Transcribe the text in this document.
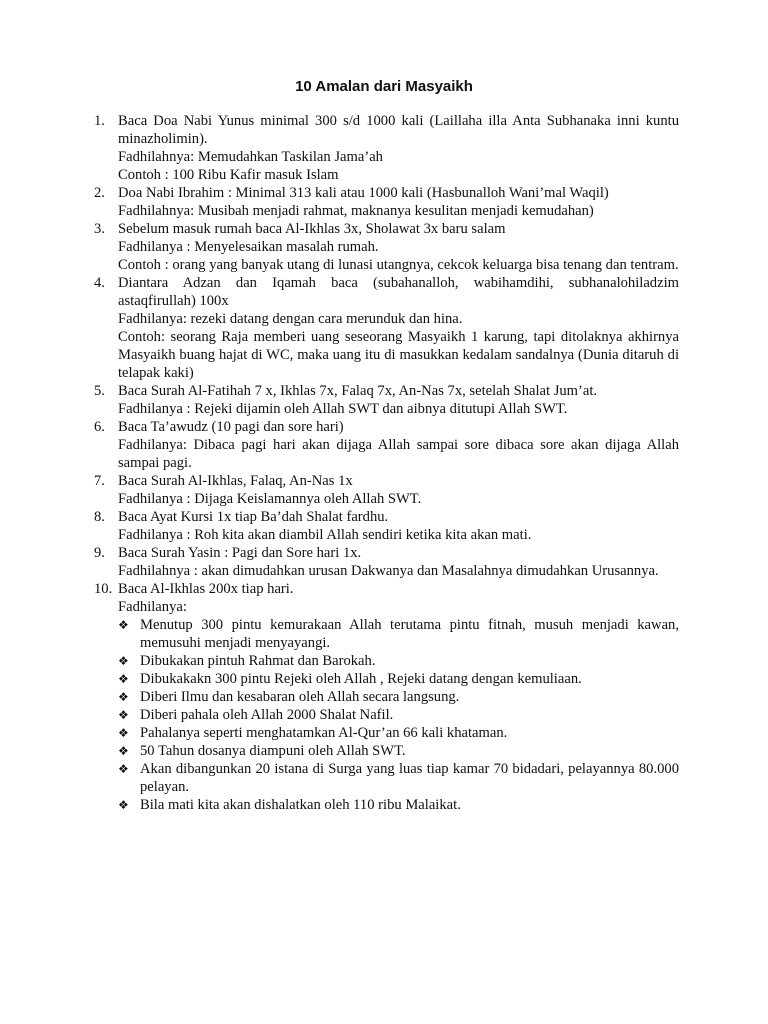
10 Amalan dari Masyaikh
1. Baca Doa Nabi Yunus minimal 300 s/d 1000 kali (Laillaha illa Anta Subhanaka inni kuntu minazholimin).
Fadhilahnya: Memudahkan Taskilan Jama’ah
Contoh : 100 Ribu Kafir masuk Islam
2. Doa Nabi Ibrahim : Minimal 313 kali atau 1000 kali (Hasbunalloh Wani’mal Waqil)
Fadhilahnya: Musibah menjadi rahmat, maknanya kesulitan menjadi kemudahan)
3. Sebelum masuk rumah baca Al-Ikhlas 3x, Sholawat 3x baru salam
Fadhilanya : Menyelesaikan masalah rumah.
Contoh : orang yang banyak utang di lunasi utangnya, cekcok keluarga bisa tenang dan tentram.
4. Diantara Adzan dan Iqamah baca (subahanalloh, wabihamdihi, subhanalohiladzim astaqfirullah) 100x
Fadhilanya: rezeki datang dengan cara merunduk dan hina.
Contoh: seorang Raja memberi uang seseorang Masyaikh 1 karung, tapi ditolaknya akhirnya Masyaikh buang hajat di WC, maka uang itu di masukkan kedalam sandalnya (Dunia ditaruh di telapak kaki)
5. Baca Surah Al-Fatihah 7 x, Ikhlas 7x, Falaq 7x, An-Nas 7x, setelah Shalat Jum’at.
Fadhilanya : Rejeki dijamin oleh Allah SWT dan aibnya ditutupi Allah SWT.
6. Baca Ta’awudz (10 pagi dan sore hari)
Fadhilanya: Dibaca pagi hari akan dijaga Allah sampai sore dibaca sore akan dijaga Allah sampai pagi.
7. Baca Surah Al-Ikhlas, Falaq, An-Nas 1x
Fadhilanya : Dijaga Keislamannya oleh Allah SWT.
8. Baca Ayat Kursi 1x tiap Ba’dah Shalat fardhu.
Fadhilanya : Roh kita akan diambil Allah sendiri ketika kita akan mati.
9. Baca Surah Yasin : Pagi dan Sore hari 1x.
Fadhilahnya : akan dimudahkan urusan Dakwanya dan Masalahnya dimudahkan Urusannya.
10. Baca Al-Ikhlas 200x tiap hari.
Fadhilanya:
❖ Menutup 300 pintu kemurakaan Allah terutama pintu fitnah, musuh menjadi kawan, memusuhi menjadi menyayangi.
❖ Dibukakan pintuh Rahmat dan Barokah.
❖ Dibukakakn 300 pintu Rejeki oleh Allah , Rejeki datang dengan kemuliaan.
❖ Diberi Ilmu dan kesabaran oleh Allah secara langsung.
❖ Diberi pahala oleh Allah 2000 Shalat Nafil.
❖ Pahalanya seperti menghatamkan Al-Qur’an 66 kali khataman.
❖ 50 Tahun dosanya diampuni oleh Allah SWT.
❖ Akan dibangunkan 20 istana di Surga yang luas tiap kamar 70 bidadari, pelayannya 80.000 pelayan.
❖ Bila mati kita akan dishalatkan oleh 110 ribu Malaikat.
